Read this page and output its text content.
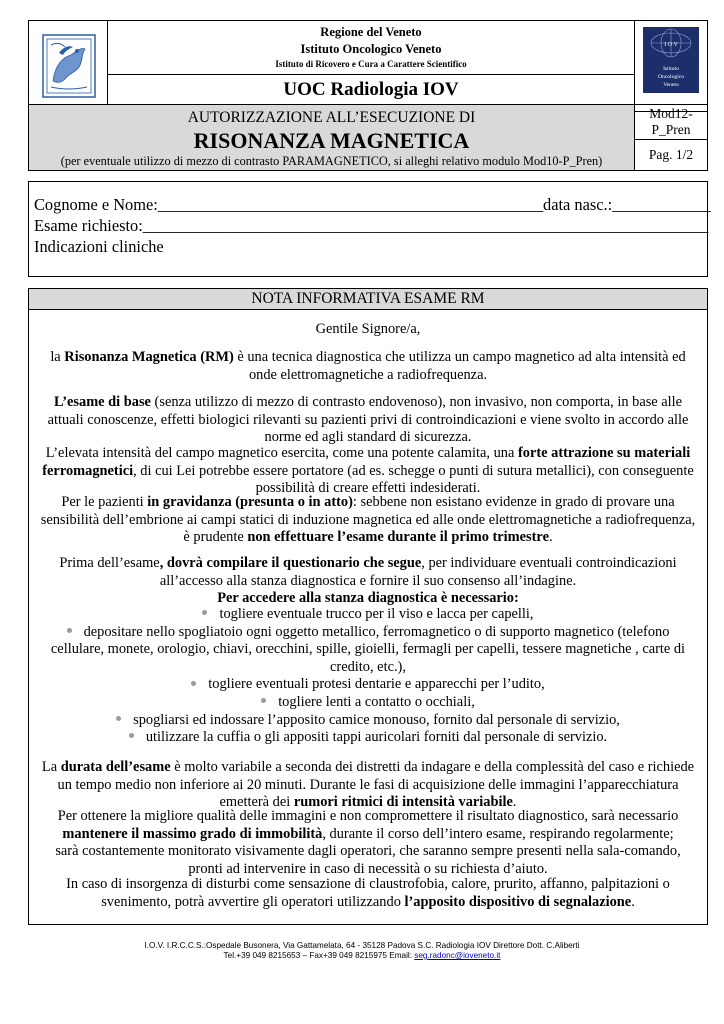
Regione del Veneto
Istituto Oncologico Veneto
Istituto di Ricovero e Cura a Carattere Scientifico
I O V
Istituto
Oncologico
Veneto
UOC Radiologia IOV
AUTORIZZAZIONE ALL’ESECUZIONE DI
RISONANZA MAGNETICA
(per eventuale utilizzo di mezzo di contrasto PARAMAGNETICO, si alleghi relativo modulo Mod10-P_Pren)
Mod12-
P_Pren
Pag. 1/2
Cognome e Nome:_______________________________________________data nasc.:____________
Esame richiesto:_____________________________________________________________________
Indicazioni cliniche
NOTA INFORMATIVA ESAME RM
Gentile Signore/a,
la Risonanza Magnetica (RM) è una tecnica diagnostica che utilizza un campo magnetico ad alta intensità ed
onde elettromagnetiche a radiofrequenza.
L’esame di base (senza utilizzo di mezzo di contrasto endovenoso), non invasivo, non comporta, in base alle
attuali conoscenze, effetti biologici rilevanti su pazienti privi di controindicazioni e viene svolto in accordo alle
norme ed agli standard di sicurezza.
L’elevata intensità del campo magnetico esercita, come una potente calamita, una forte attrazione su materiali
ferromagnetici, di cui Lei potrebbe essere portatore (ad es. schegge o punti di sutura metallici), con conseguente
possibilità di creare effetti indesiderati.
Per le pazienti in gravidanza (presunta o in atto): sebbene non esistano evidenze in grado di provare una
sensibilità dell’embrione ai campi statici di induzione magnetica ed alle onde elettromagnetiche a radiofrequenza,
è prudente non effettuare l’esame durante il primo trimestre.
Prima dell’esame, dovrà compilare il questionario che segue, per individuare eventuali controindicazioni
all’accesso alla stanza diagnostica e fornire il suo consenso all’indagine.
Per accedere alla stanza diagnostica è necessario:
togliere eventuale trucco per il viso e lacca per capelli,
depositare nello spogliatoio ogni oggetto metallico, ferromagnetico o di supporto magnetico (telefono
cellulare, monete, orologio, chiavi, orecchini, spille, gioielli, fermagli per capelli, tessere magnetiche , carte di
credito, etc.),
togliere eventuali protesi dentarie e apparecchi per l’udito,
togliere lenti a contatto o occhiali,
spogliarsi ed indossare l’apposito camice monouso, fornito dal personale di servizio,
utilizzare la cuffia o gli appositi tappi auricolari forniti dal personale di servizio.
La durata dell’esame è molto variabile a seconda dei distretti da indagare e della complessità del caso e richiede
un tempo medio non inferiore ai 20 minuti. Durante le fasi di acquisizione delle immagini l’apparecchiatura
emetterà dei rumori ritmici di intensità variabile.
Per ottenere la migliore qualità delle immagini e non compromettere il risultato diagnostico, sarà necessario
mantenere il massimo grado di immobilità, durante il corso dell’intero esame, respirando regolarmente;
sarà costantemente monitorato visivamente dagli operatori, che saranno sempre presenti nella sala-comando,
pronti ad intervenire in caso di necessità o su richiesta d’aiuto.
In caso di insorgenza di disturbi come sensazione di claustrofobia, calore, prurito, affanno, palpitazioni o
svenimento, potrà avvertire gli operatori utilizzando l’apposito dispositivo di segnalazione.
I.O.V. I.R.C.C.S.:Ospedale Busonera, Via Gattamelata, 64 - 35128 Padova S.C. Radiologia IOV Direttore Dott. C.Aliberti
Tel.+39 049 8215653 – Fax+39 049 8215975 Email: seg.radonc@ioveneto.it
